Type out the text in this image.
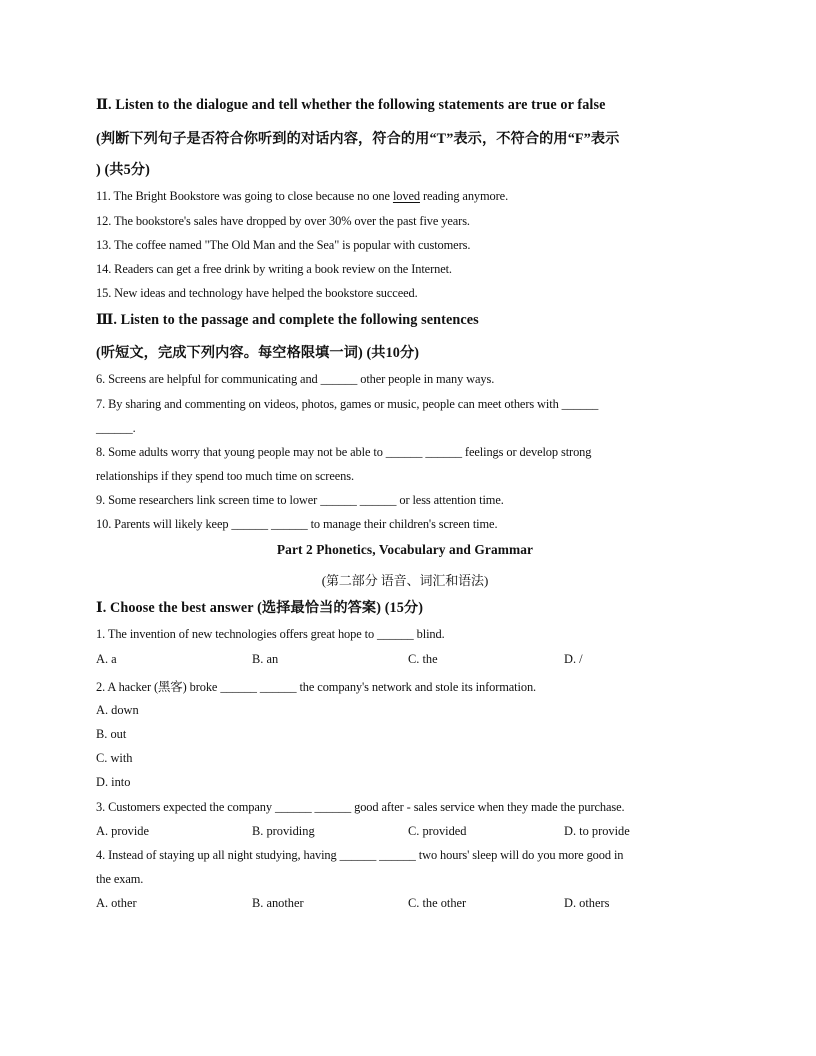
Ⅱ. Listen to the dialogue and tell whether the following statements are true or false
(判断下列句子是否符合你听到的对话内容，符合的用“T”表示，不符合的用“F”表示
) (共5分)
11. The Bright Bookstore was going to close because no one loved reading anymore.
12. The bookstore's sales have dropped by over 30% over the past five years.
13. The coffee named "The Old Man and the Sea" is popular with customers.
14. Readers can get a free drink by writing a book review on the Internet.
15. New ideas and technology have helped the bookstore succeed.
Ⅲ. Listen to the passage and complete the following sentences
(听短文，完成下列内容。每空格限填一词) (共10分)
6. Screens are helpful for communicating and ______ other people in many ways.
7. By sharing and commenting on videos, photos, games or music, people can meet others with ______
______.
8. Some adults worry that young people may not be able to ______ ______ feelings or develop strong
relationships if they spend too much time on screens.
9. Some researchers link screen time to lower ______ ______ or less attention time.
10. Parents will likely keep ______ ______ to manage their children's screen time.
Part 2 Phonetics, Vocabulary and Grammar
(第二部分 语音、词汇和语法)
Ⅰ. Choose the best answer (选择最恰当的答案) (15分)
1. The invention of new technologies offers great hope to ______ blind.
A. a	B. an	C. the	D. /
2. A hacker (黑客) broke ______ ______ the company's network and stole its information.
A. down
B. out
C. with
D. into
3. Customers expected the company ______ ______ good after - sales service when they made the purchase.
A. provide	B. providing	C. provided	D. to provide
4. Instead of staying up all night studying, having ______ ______ two hours' sleep will do you more good in
the exam.
A. other	B. another	C. the other	D. others
